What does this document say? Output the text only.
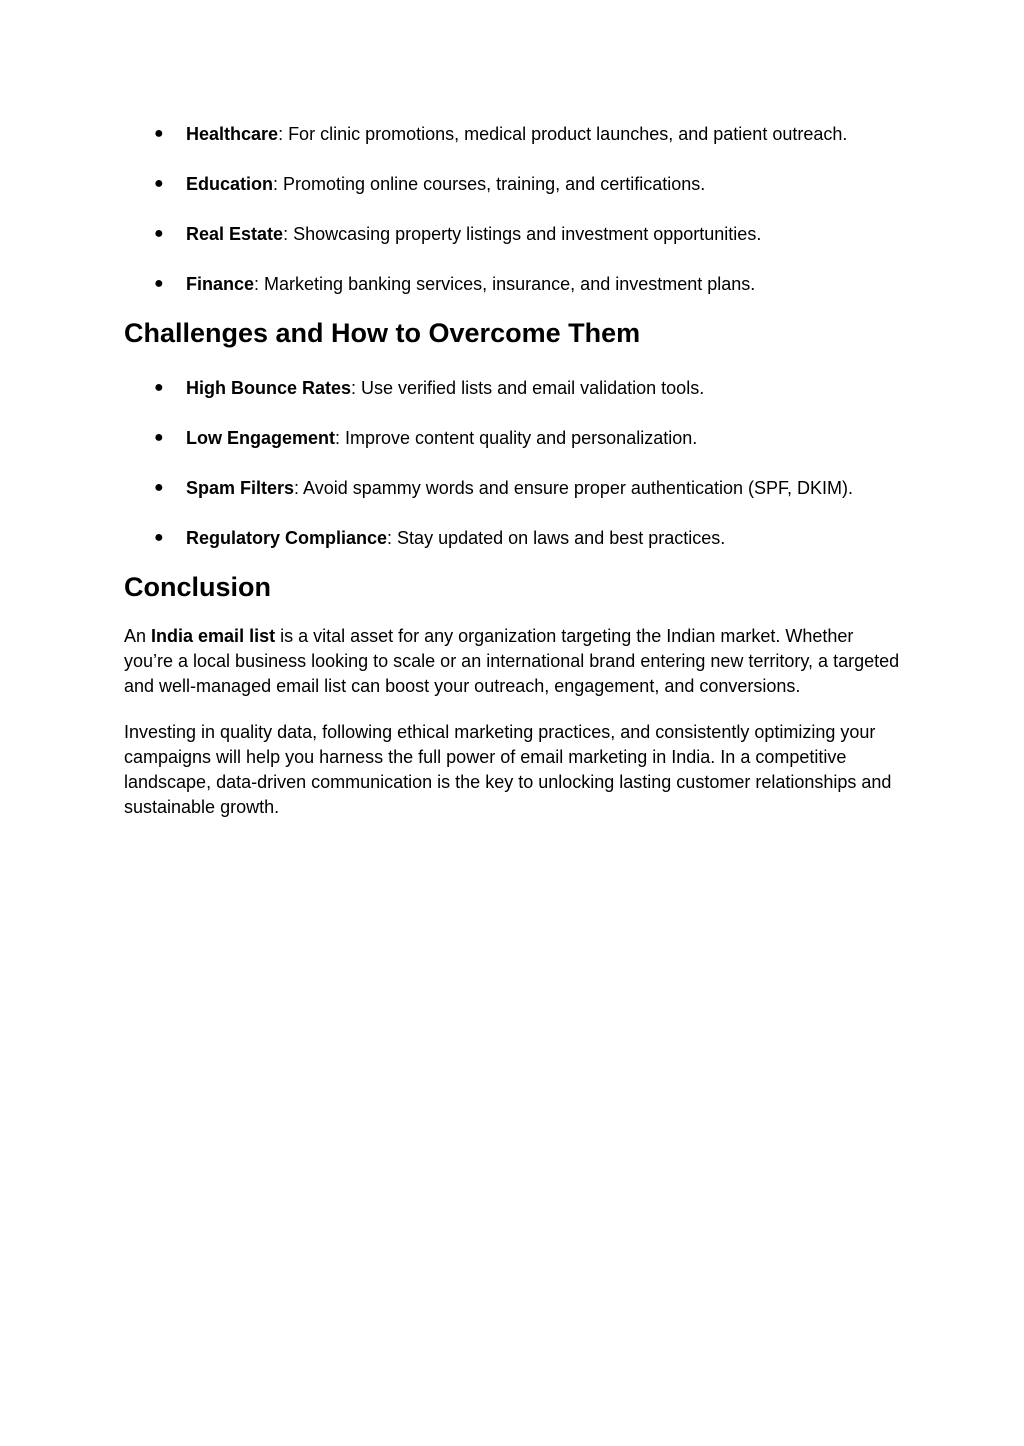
● Healthcare: For clinic promotions, medical product launches, and patient outreach.
● Education: Promoting online courses, training, and certifications.
● Real Estate: Showcasing property listings and investment opportunities.
● Finance: Marketing banking services, insurance, and investment plans.
Challenges and How to Overcome Them
● High Bounce Rates: Use verified lists and email validation tools.
● Low Engagement: Improve content quality and personalization.
● Spam Filters: Avoid spammy words and ensure proper authentication (SPF, DKIM).
● Regulatory Compliance: Stay updated on laws and best practices.
Conclusion

An India email list is a vital asset for any organization targeting the Indian market. Whether you’re a local business looking to scale or an international brand entering new territory, a targeted and well-managed email list can boost your outreach, engagement, and conversions.

Investing in quality data, following ethical marketing practices, and consistently optimizing your campaigns will help you harness the full power of email marketing in India. In a competitive landscape, data-driven communication is the key to unlocking lasting customer relationships and sustainable growth.
